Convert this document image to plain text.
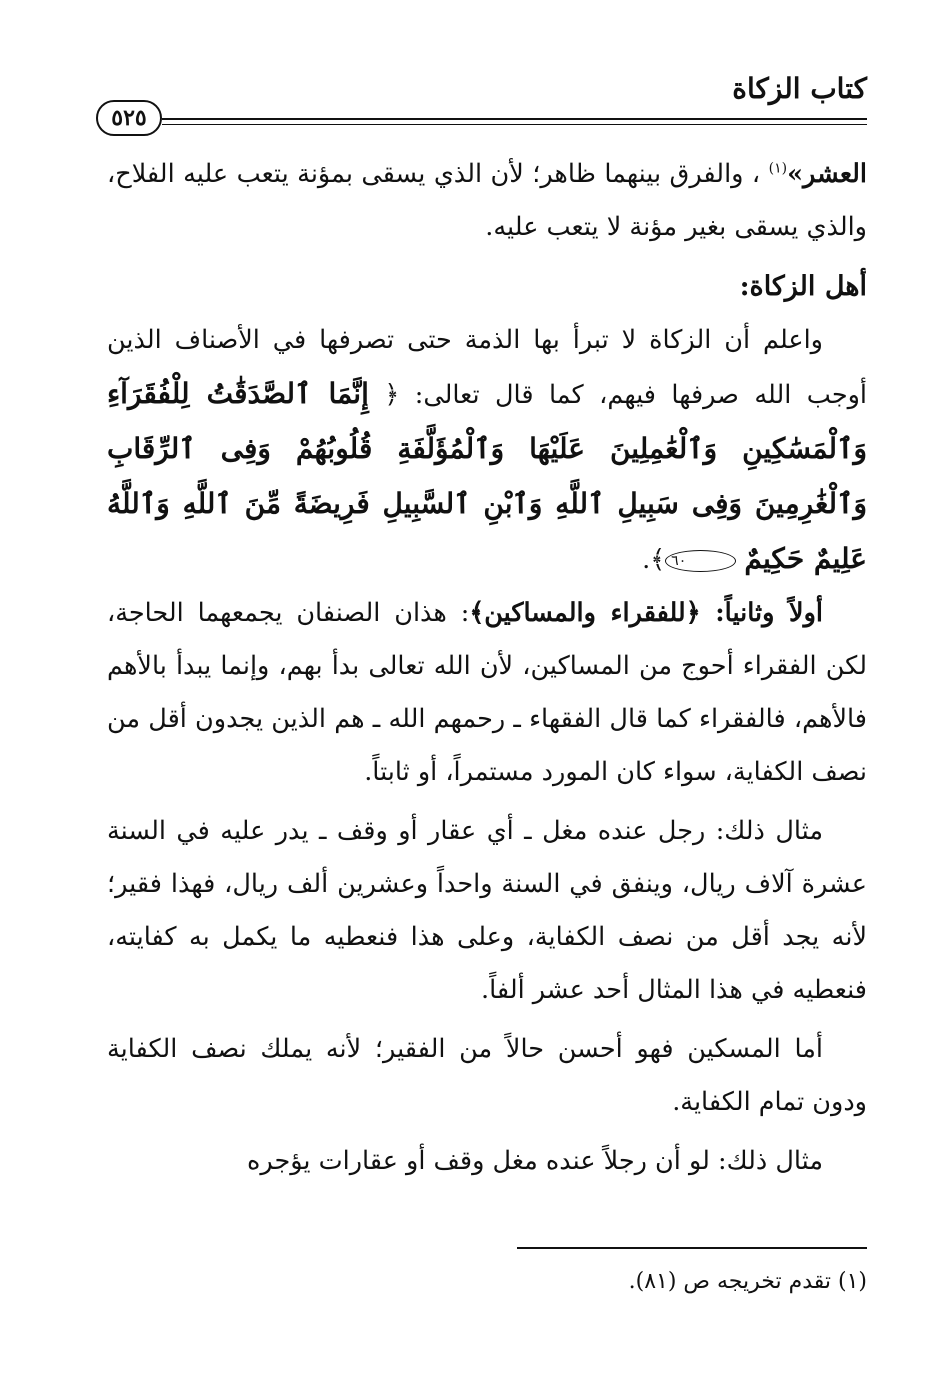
كتاب الزكاة
٥٢٥

العشر»$^{(١)}$ ، والفرق بينهما ظاهر؛ لأن الذي يسقى بمؤنة يتعب عليه الفلاح، والذي يسقى بغير مؤنة لا يتعب عليه.

أهل الزكاة:

واعلم أن الزكاة لا تبرأ بها الذمة حتى تصرفها في الأصناف الذين أوجب الله صرفها فيهم، كما قال تعالى: ﴿ إِنَّمَا ٱلصَّدَقَٰتُ لِلْفُقَرَآءِ وَٱلْمَسَٰكِينِ وَٱلْعَٰمِلِينَ عَلَيْهَا وَٱلْمُؤَلَّفَةِ قُلُوبُهُمْ وَفِى ٱلرِّقَابِ وَٱلْغَٰرِمِينَ وَفِى سَبِيلِ ٱللَّهِ وَٱبْنِ ٱلسَّبِيلِ فَرِيضَةً مِّنَ ٱللَّهِ وَٱللَّهُ عَلِيمٌ حَكِيمٌ ٦٠﴾.

أولاً وثانياً: ﴿للفقراء والمساكين﴾: هذان الصنفان يجمعهما الحاجة، لكن الفقراء أحوج من المساكين، لأن الله تعالى بدأ بهم، وإنما يبدأ بالأهم فالأهم، فالفقراء كما قال الفقهاء ـ رحمهم الله ـ هم الذين يجدون أقل من نصف الكفاية، سواء كان المورد مستمراً، أو ثابتاً.

مثال ذلك: رجل عنده مغل ـ أي عقار أو وقف ـ يدر عليه في السنة عشرة آلاف ريال، وينفق في السنة واحداً وعشرين ألف ريال، فهذا فقير؛ لأنه يجد أقل من نصف الكفاية، وعلى هذا فنعطيه ما يكمل به كفايته، فنعطيه في هذا المثال أحد عشر ألفاً.

أما المسكين فهو أحسن حالاً من الفقير؛ لأنه يملك نصف الكفاية ودون تمام الكفاية.

مثال ذلك: لو أن رجلاً عنده مغل وقف أو عقارات يؤجره

(١) تقدم تخريجه ص (٨١).
